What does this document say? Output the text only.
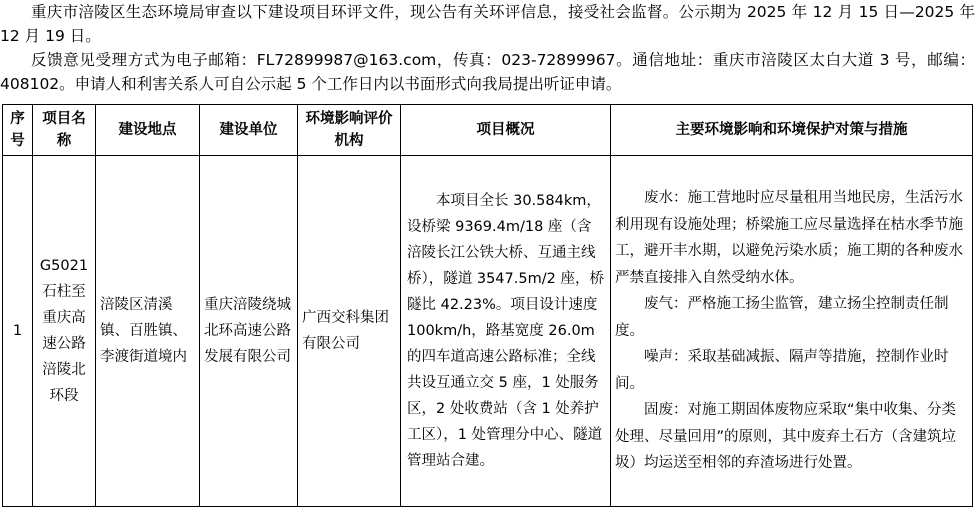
重庆市涪陵区生态环境局审查以下建设项目环评文件，现公告有关环评信息，接受社会监督。公示期为 2025 年 12 月 15 日—2025 年 12 月 19 日。

反馈意见受理方式为电子邮箱：FL72899987@163.com，传真：023-72899967。通信地址：重庆市涪陵区太白大道 3 号，邮编：408102。申请人和利害关系人可自公示起 5 个工作日内以书面形式向我局提出听证申请。

序号	项目名称	建设地点	建设单位	环境影响评价机构	项目概况	主要环境影响和环境保护对策与措施
1	G5021 石柱至重庆高速公路涪陵北环段	涪陵区清溪镇、百胜镇、李渡街道境内	重庆涪陵绕城北环高速公路发展有限公司	广西交科集团有限公司	本项目全长 30.584km，设桥梁 9369.4m/18 座（含涪陵长江公铁大桥、互通主线桥），隧道 3547.5m/2 座，桥隧比 42.23%。项目设计速度 100km/h，路基宽度 26.0m 的四车道高速公路标准；全线共设互通立交 5 座，1 处服务区，2 处收费站（含 1 处养护工区），1 处管理分中心、隧道管理站合建。	废水：施工营地时应尽量租用当地民房，生活污水利用现有设施处理；桥梁施工应尽量选择在枯水季节施工，避开丰水期，以避免污染水质；施工期的各种废水严禁直接排入自然受纳水体。

废气：严格施工扬尘监管，建立扬尘控制责任制度。

噪声：采取基础减振、隔声等措施，控制作业时间。

固废：对施工期固体废物应采取“集中收集、分类处理、尽量回用”的原则，其中废弃土石方（含建筑垃圾）均运送至相邻的弃渣场进行处置。
